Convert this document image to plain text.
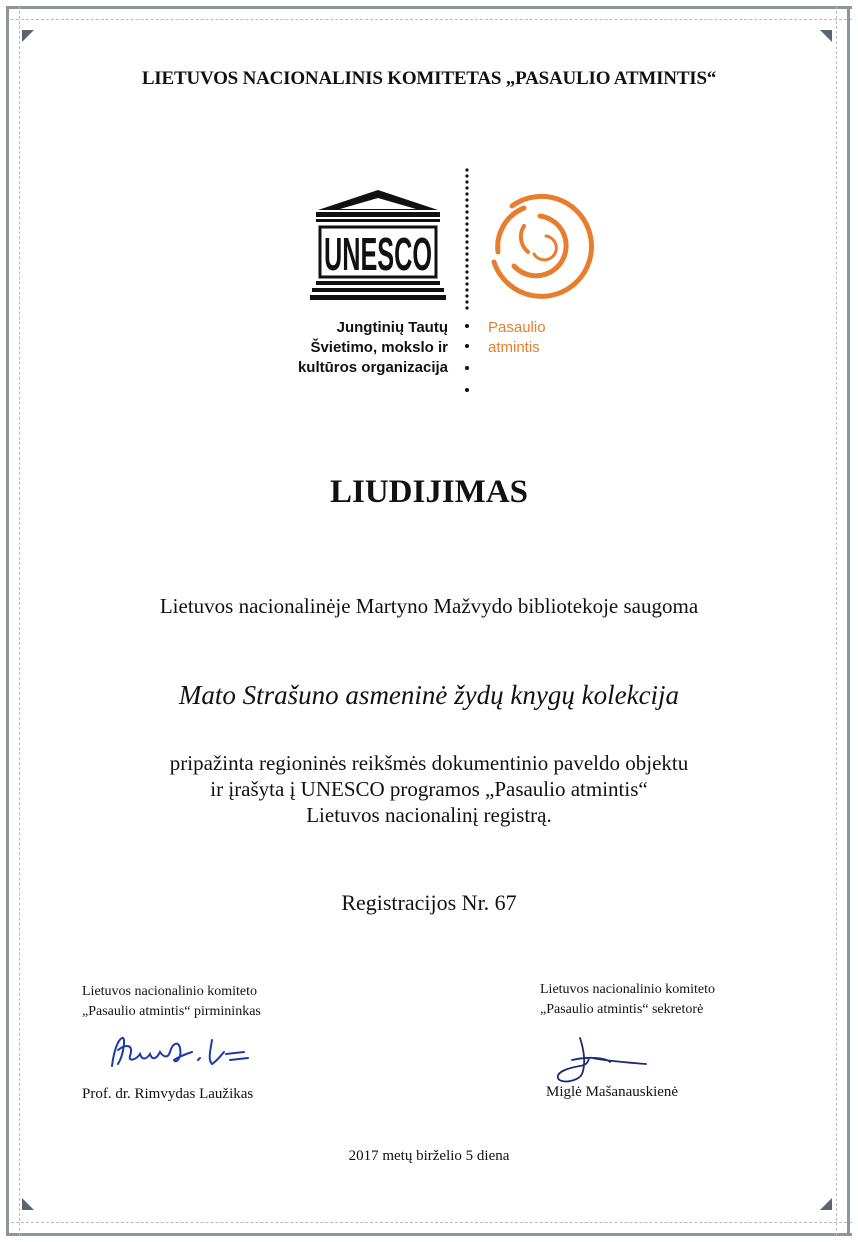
LIETUVOS NACIONALINIS KOMITETAS „PASAULIO ATMINTIS“
UNESCO
Jungtinių Tautų
Švietimo, mokslo ir
kultūros organizacija
Pasaulio
atmintis
LIUDIJIMAS
Lietuvos nacionalinėje Martyno Mažvydo bibliotekoje saugoma
Mato Strašuno asmeninė žydų knygų kolekcija
pripažinta regioninės reikšmės dokumentinio paveldo objektu
ir įrašyta į UNESCO programos „Pasaulio atmintis“
Lietuvos nacionalinį registrą.
Registracijos Nr. 67
Lietuvos nacionalinio komiteto
„Pasaulio atmintis“ pirmininkas
Prof. dr. Rimvydas Laužikas
Lietuvos nacionalinio komiteto
„Pasaulio atmintis“ sekretorė
Miglė Mašanauskienė
2017 metų birželio 5 diena
